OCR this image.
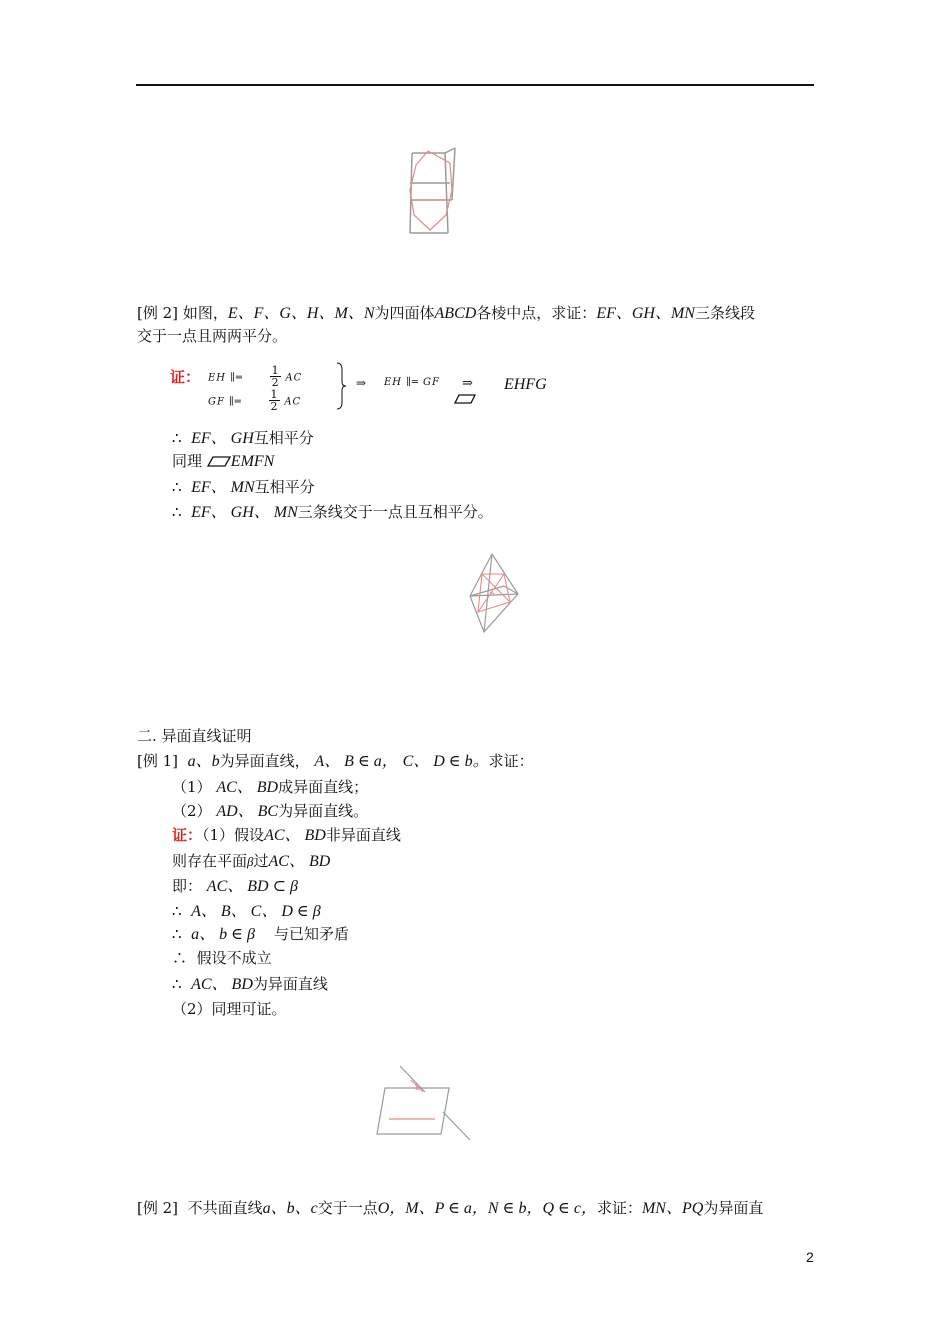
[例 2] 如图，E、F、G、H、M、N为四面体ABCD各棱中点，求证：EF、GH、MN三条线段
交于一点且两两平分。
证： EH ∥═ $\frac{1}{2}$ AC
GF ∥═ $\frac{1}{2}$ AC
⇒ EH ∥═ GF ⇒ EHFG
∴ EF、 GH互相平分
同理 EMFN
∴ EF、 MN互相平分
∴ EF、 GH、 MN三条线交于一点且互相平分。
二. 异面直线证明
[例 1] a、b为异面直线， A、 B ∈ a， C、 D ∈ b。求证：
（1） AC、 BD成异面直线；
（2） AD、 BC为异面直线。
证：（1）假设AC、 BD非异面直线
则存在平面β过AC、 BD
即： AC、 BD ⊂ β
∴ A、 B、 C、 D ∈ β
∴ a、 b ∈ β 与已知矛盾
∴ 假设不成立
∴ AC、 BD为异面直线
（2）同理可证。
b
[例 2] 不共面直线a、b、c交于一点O，M、P ∈ a，N ∈ b，Q ∈ c，求证：MN、PQ为异面直
2
